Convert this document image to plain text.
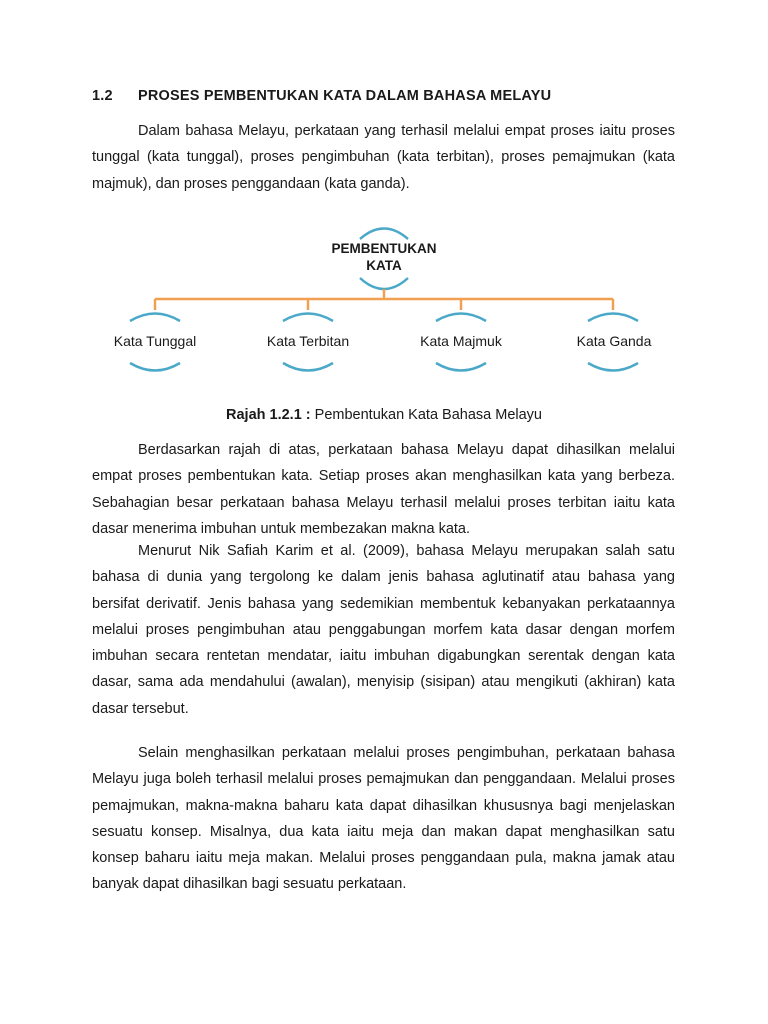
1.2 PROSES PEMBENTUKAN KATA DALAM BAHASA MELAYU

Dalam bahasa Melayu, perkataan yang terhasil melalui empat proses iaitu proses tunggal (kata tunggal), proses pengimbuhan (kata terbitan), proses pemajmukan (kata majmuk), dan proses penggandaan (kata ganda).

PEMBENTUKAN
KATA
Kata Tunggal	Kata Terbitan	Kata Majmuk	Kata Ganda
Rajah 1.2.1 : Pembentukan Kata Bahasa Melayu

Berdasarkan rajah di atas, perkataan bahasa Melayu dapat dihasilkan melalui empat proses pembentukan kata. Setiap proses akan menghasilkan kata yang berbeza. Sebahagian besar perkataan bahasa Melayu terhasil melalui proses terbitan iaitu kata dasar menerima imbuhan untuk membezakan makna kata.

Menurut Nik Safiah Karim et al. (2009), bahasa Melayu merupakan salah satu bahasa di dunia yang tergolong ke dalam jenis bahasa aglutinatif atau bahasa yang bersifat derivatif. Jenis bahasa yang sedemikian membentuk kebanyakan perkataannya melalui proses pengimbuhan atau penggabungan morfem kata dasar dengan morfem imbuhan secara rentetan mendatar, iaitu imbuhan digabungkan serentak dengan kata dasar, sama ada mendahului (awalan), menyisip (sisipan) atau mengikuti (akhiran) kata dasar tersebut.

Selain menghasilkan perkataan melalui proses pengimbuhan, perkataan bahasa Melayu juga boleh terhasil melalui proses pemajmukan dan penggandaan. Melalui proses pemajmukan, makna-makna baharu kata dapat dihasilkan khususnya bagi menjelaskan sesuatu konsep. Misalnya, dua kata iaitu meja dan makan dapat menghasilkan satu konsep baharu iaitu meja makan. Melalui proses penggandaan pula, makna jamak atau banyak dapat dihasilkan bagi sesuatu perkataan.
